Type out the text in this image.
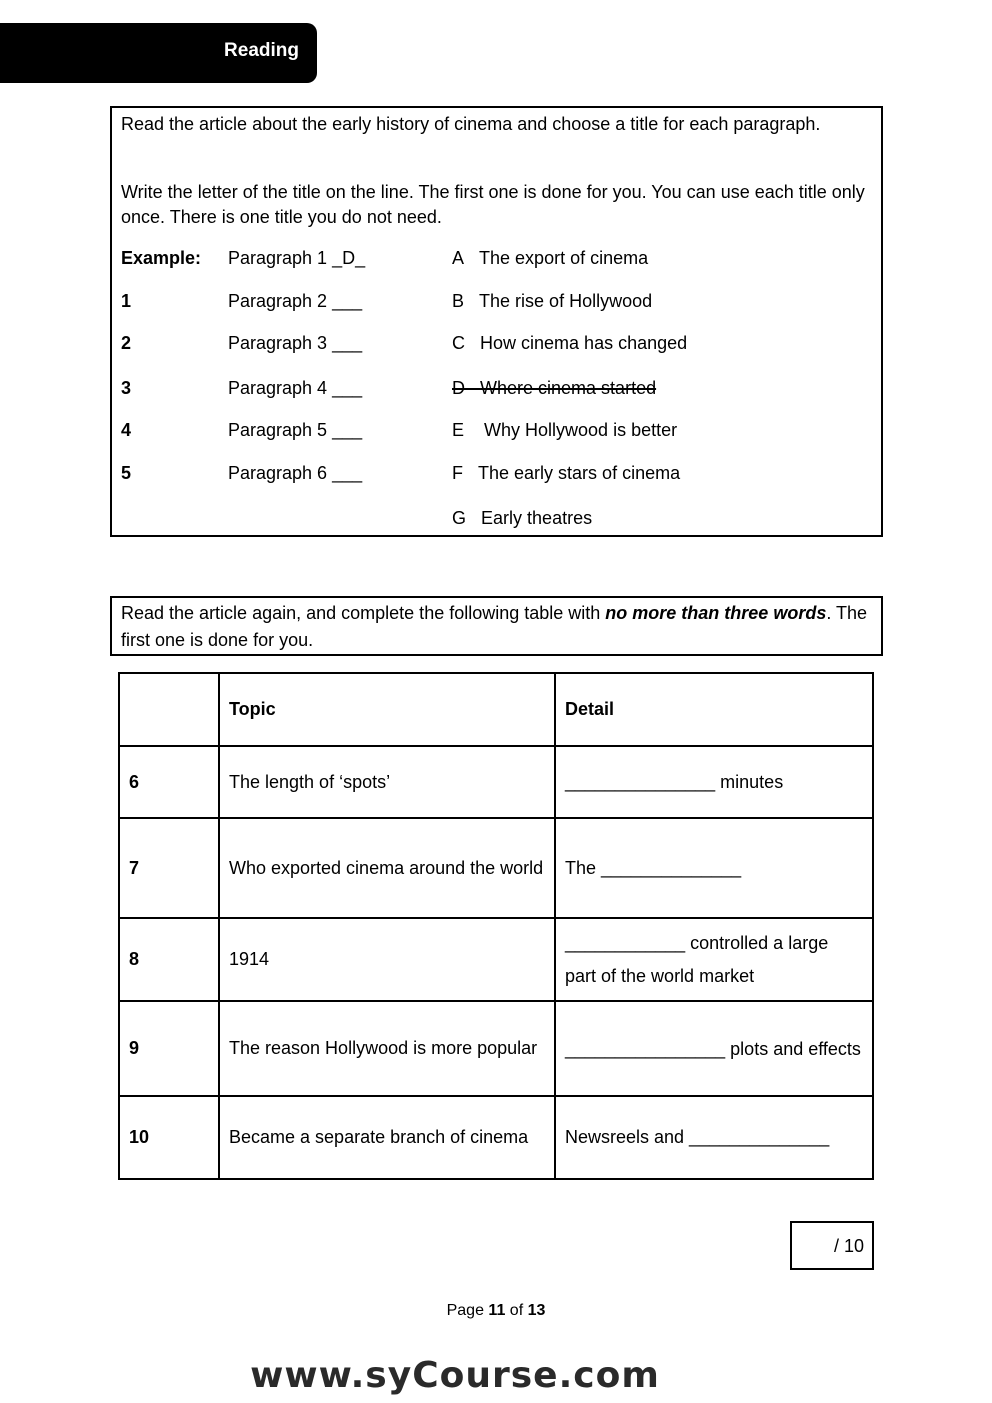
Reading
Read the article about the early history of cinema and choose a title for each paragraph.
Write the letter of the title on the line. The first one is done for you. You can use each title only once. There is one title you do not need.
Example: Paragraph 1 _D_
1	Paragraph 2 ___
2	Paragraph 3 ___
3	Paragraph 4 ___
4	Paragraph 5 ___
5	Paragraph 6 ___
A The export of cinema
B The rise of Hollywood
C How cinema has changed
D Where cinema started
E Why Hollywood is better
F The early stars of cinema
G Early theatres
Read the article again, and complete the following table with no more than three words. The first one is done for you.
	Topic	Detail
6	The length of ‘spots’	_______________ minutes
7	Who exported cinema around the world	The ______________
8	1914	____________ controlled a large part of the world market
9	The reason Hollywood is more popular	________________ plots and effects
10	Became a separate branch of cinema	Newsreels and ______________
/ 10
Page 11 of 13
www.syCourse.com
